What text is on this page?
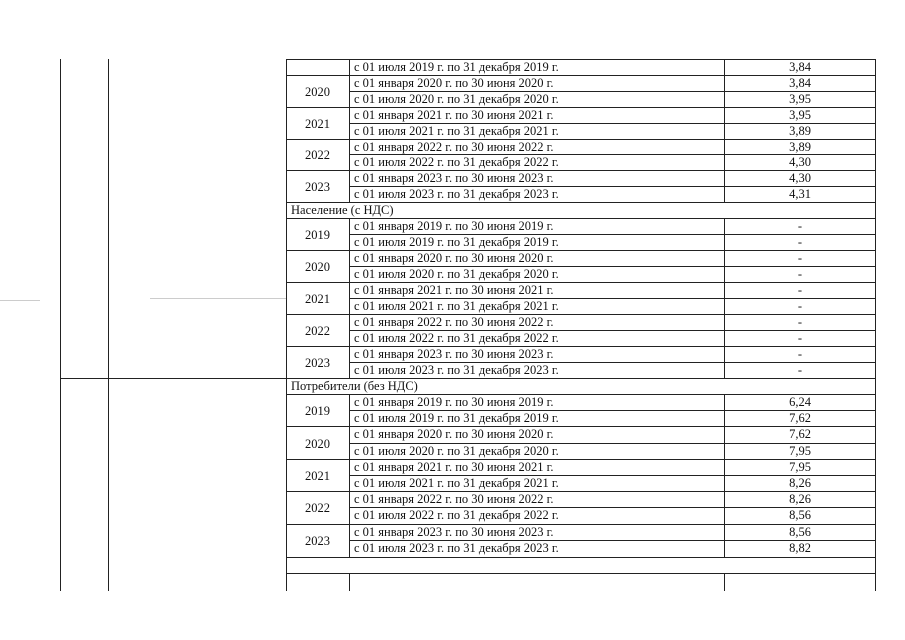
с 01 июля 2019 г. по 31 декабря 2019 г.	3,84
2020
с 01 января 2020 г. по 30 июня 2020 г.	3,84
с 01 июля 2020 г. по 31 декабря 2020 г.	3,95
2021
с 01 января 2021 г. по 30 июня 2021 г.	3,95
с 01 июля 2021 г. по 31 декабря 2021 г.	3,89
2022
с 01 января 2022 г. по 30 июня 2022 г.	3,89
с 01 июля 2022 г. по 31 декабря 2022 г.	4,30
2023
с 01 января 2023 г. по 30 июня 2023 г.	4,30
с 01 июля 2023 г. по 31 декабря 2023 г.	4,31
Население (с НДС)
2019
с 01 января 2019 г. по 30 июня 2019 г.	-
с 01 июля 2019 г. по 31 декабря 2019 г.	-
2020
с 01 января 2020 г. по 30 июня 2020 г.	-
с 01 июля 2020 г. по 31 декабря 2020 г.	-
2021
с 01 января 2021 г. по 30 июня 2021 г.	-
с 01 июля 2021 г. по 31 декабря 2021 г.	-
2022
с 01 января 2022 г. по 30 июня 2022 г.	-
с 01 июля 2022 г. по 31 декабря 2022 г.	-
2023
с 01 января 2023 г. по 30 июня 2023 г.	-
с 01 июля 2023 г. по 31 декабря 2023 г.	-
Потребители (без НДС)
2019
с 01 января 2019 г. по 30 июня 2019 г.	6,24
с 01 июля 2019 г. по 31 декабря 2019 г.	7,62
2020
с 01 января 2020 г. по 30 июня 2020 г.	7,62
с 01 июля 2020 г. по 31 декабря 2020 г.	7,95
2021
с 01 января 2021 г. по 30 июня 2021 г.	7,95
с 01 июля 2021 г. по 31 декабря 2021 г.	8,26
2022
с 01 января 2022 г. по 30 июня 2022 г.	8,26
с 01 июля 2022 г. по 31 декабря 2022 г.	8,56
2023
с 01 января 2023 г. по 30 июня 2023 г.	8,56
с 01 июля 2023 г. по 31 декабря 2023 г.	8,82
